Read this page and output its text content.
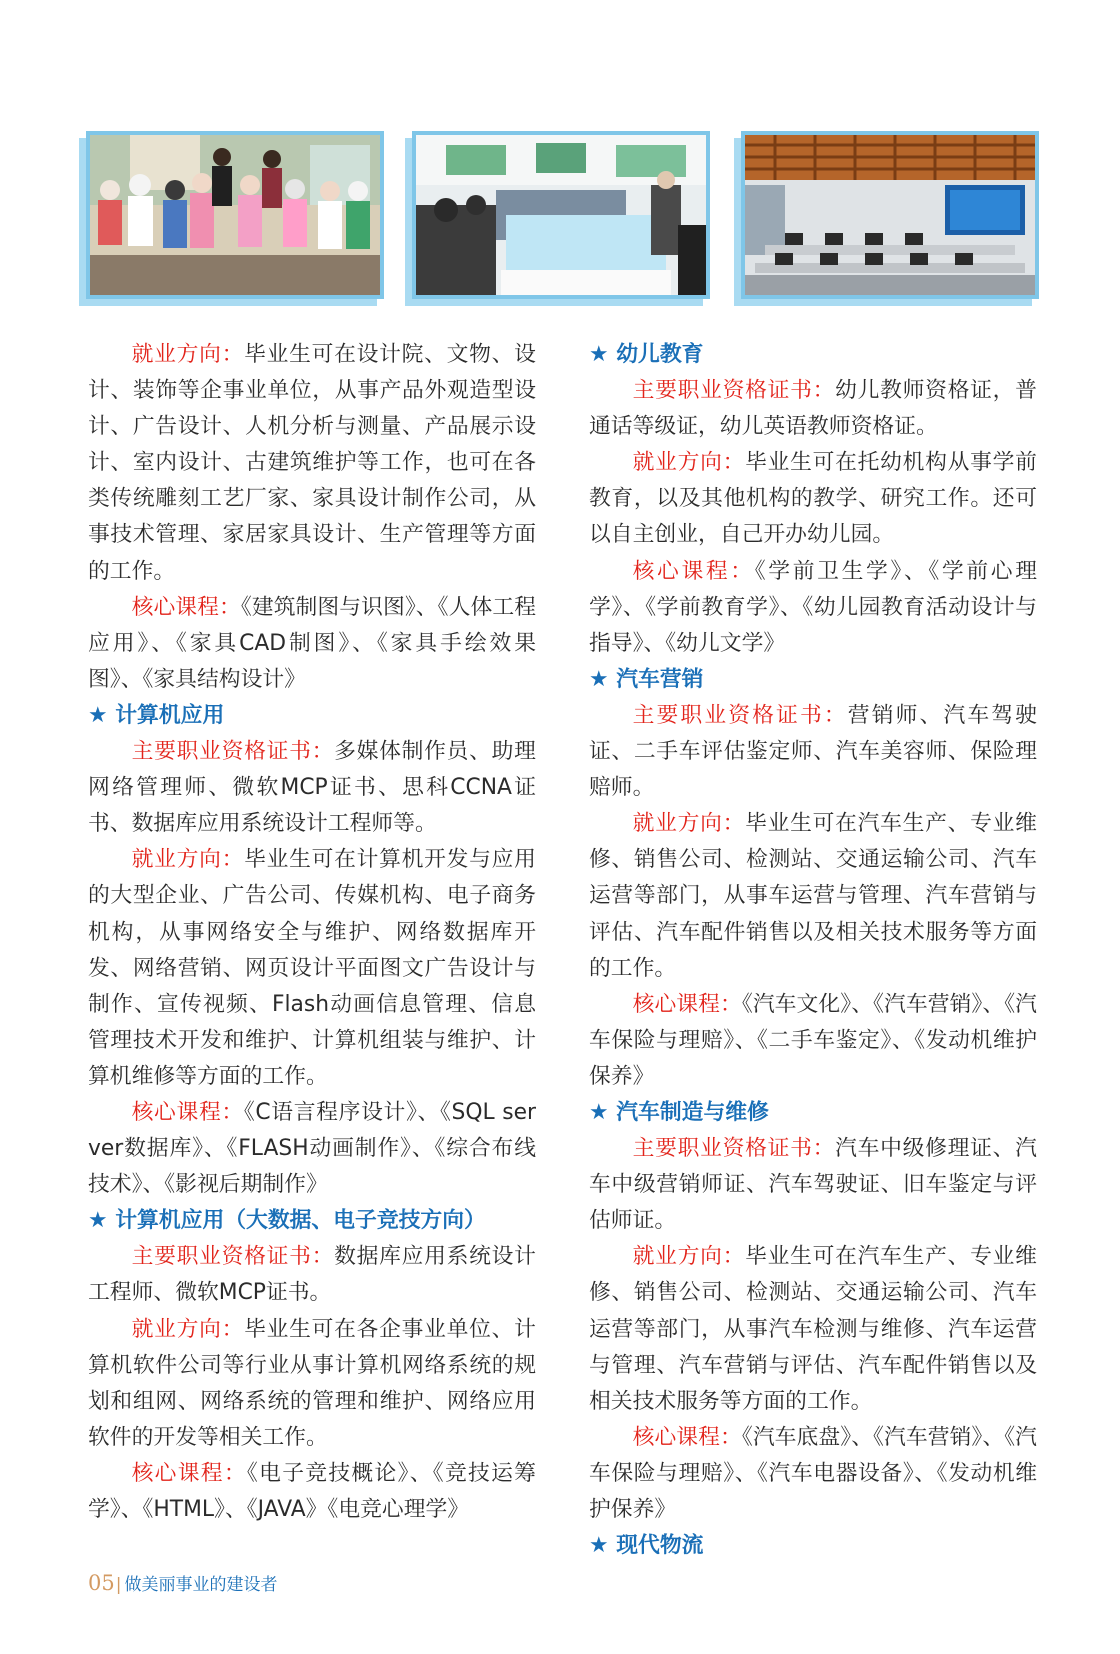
就业方向：毕业生可在设计院、文物、设计、装饰等企事业单位，从事产品外观造型设计、广告设计、人机分析与测量、产品展示设计、室内设计、古建筑维护等工作，也可在各类传统雕刻工艺厂家、家具设计制作公司，从事技术管理、家居家具设计、生产管理等方面的工作。

核心课程：《建筑制图与识图》、《人体工程应用》、《家具CAD制图》、《家具手绘效果图》、《家具结构设计》

★ 计算机应用

主要职业资格证书：多媒体制作员、助理网络管理师、微软MCP证书、思科CCNA证书、数据库应用系统设计工程师等。

就业方向：毕业生可在计算机开发与应用的大型企业、广告公司、传媒机构、电子商务机构，从事网络安全与维护、网络数据库开发、网络营销、网页设计平面图文广告设计与制作、宣传视频、Flash动画信息管理、信息管理技术开发和维护、计算机组装与维护、计算机维修等方面的工作。

核心课程：《C语言程序设计》、《SQL server数据库》、《FLASH动画制作》、《综合布线技术》、《影视后期制作》

★ 计算机应用（大数据、电子竞技方向）

主要职业资格证书：数据库应用系统设计工程师、微软MCP证书。

就业方向：毕业生可在各企事业单位、计算机软件公司等行业从事计算机网络系统的规划和组网、网络系统的管理和维护、网络应用软件的开发等相关工作。

核心课程：《电子竞技概论》、《竞技运筹学》、《HTML》、《JAVA》《电竞心理学》

★ 幼儿教育

主要职业资格证书：幼儿教师资格证，普通话等级证，幼儿英语教师资格证。

就业方向：毕业生可在托幼机构从事学前教育，以及其他机构的教学、研究工作。还可以自主创业，自己开办幼儿园。

核心课程：《学前卫生学》、《学前心理学》、《学前教育学》、《幼儿园教育活动设计与指导》、《幼儿文学》

★ 汽车营销

主要职业资格证书：营销师、汽车驾驶证、二手车评估鉴定师、汽车美容师、保险理赔师。

就业方向：毕业生可在汽车生产、专业维修、销售公司、检测站、交通运输公司、汽车运营等部门，从事车运营与管理、汽车营销与评估、汽车配件销售以及相关技术服务等方面的工作。

核心课程：《汽车文化》、《汽车营销》、《汽车保险与理赔》、《二手车鉴定》、《发动机维护保养》

★ 汽车制造与维修

主要职业资格证书：汽车中级修理证、汽车中级营销师证、汽车驾驶证、旧车鉴定与评估师证。

就业方向：毕业生可在汽车生产、专业维修、销售公司、检测站、交通运输公司、汽车运营等部门，从事汽车检测与维修、汽车运营与管理、汽车营销与评估、汽车配件销售以及相关技术服务等方面的工作。

核心课程：《汽车底盘》、《汽车营销》、《汽车保险与理赔》、《汽车电器设备》、《发动机维护保养》

★ 现代物流

05| 做美丽事业的建设者
